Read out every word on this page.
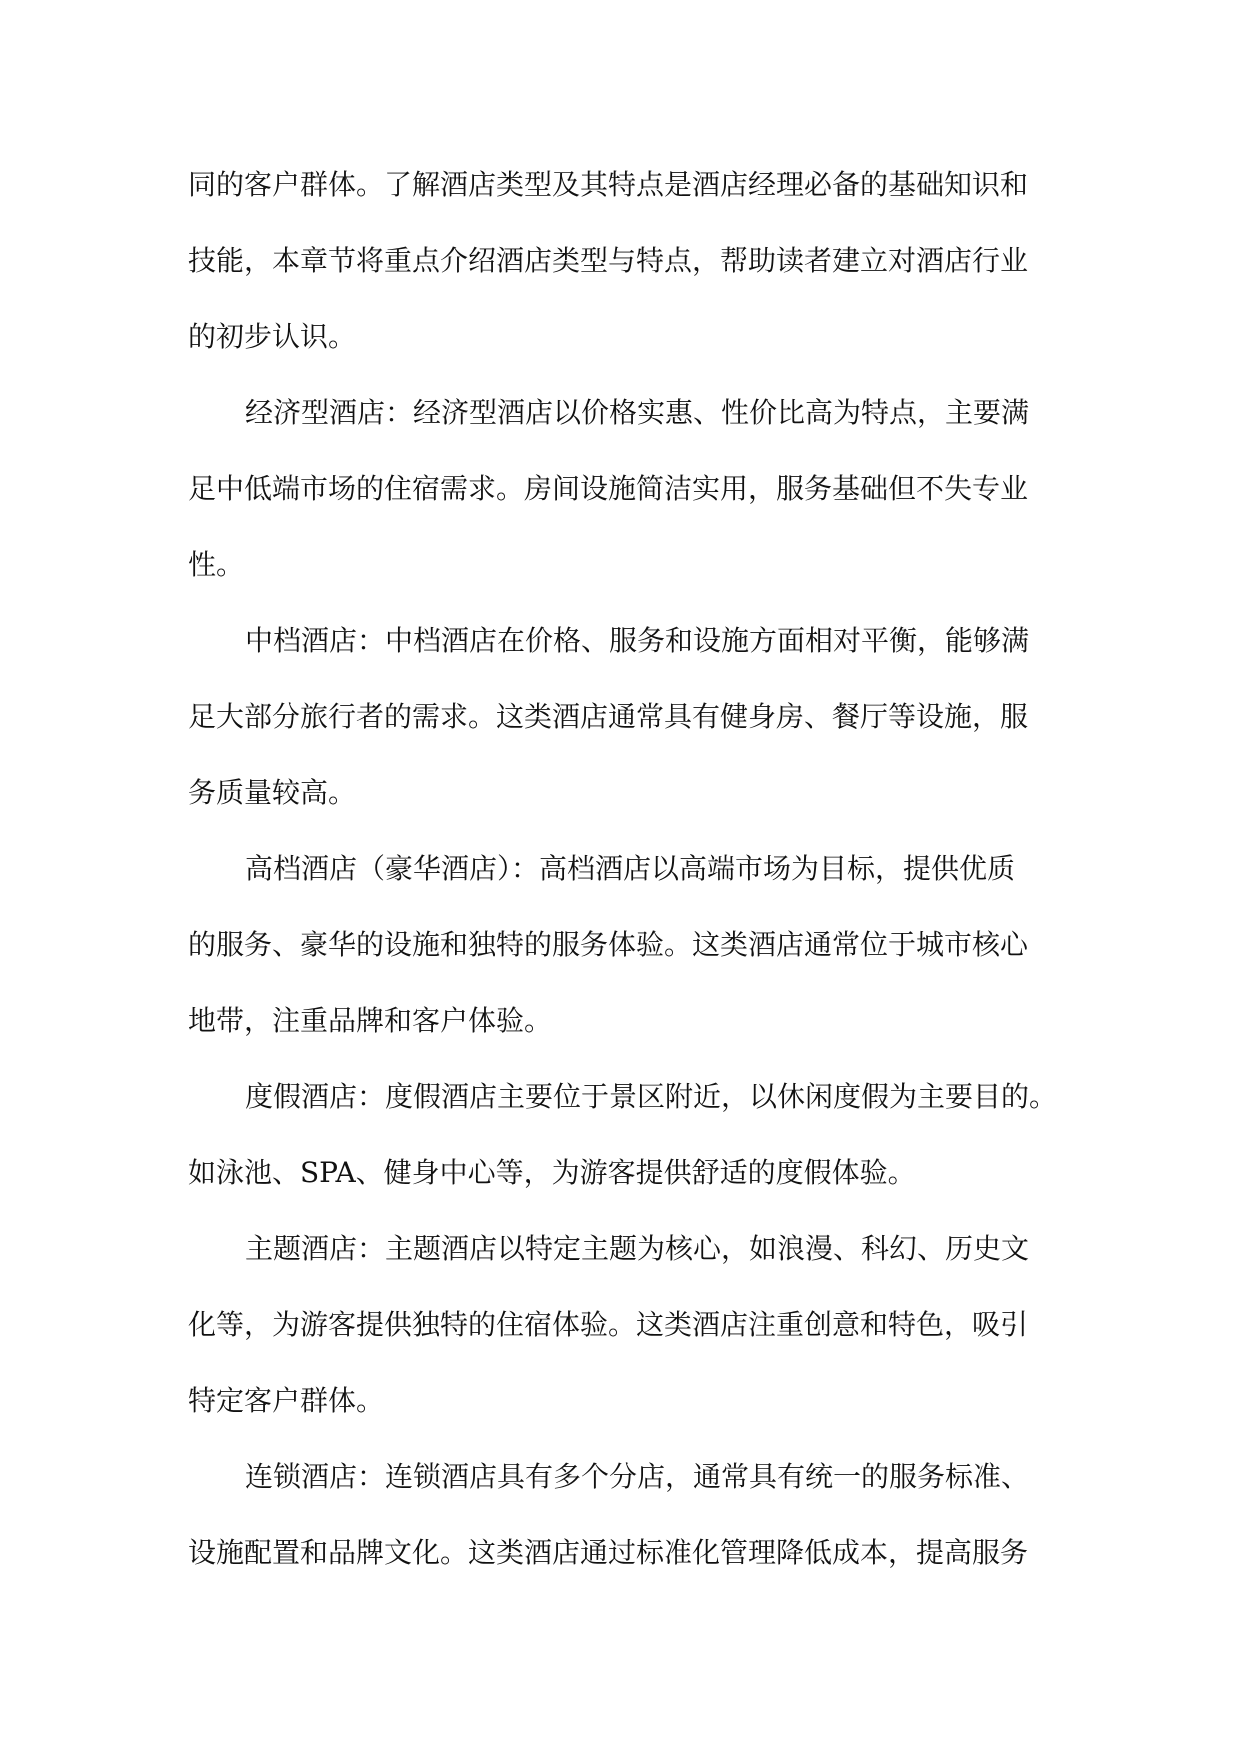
同的客户群体。了解酒店类型及其特点是酒店经理必备的基础知识和
技能，本章节将重点介绍酒店类型与特点，帮助读者建立对酒店行业
的初步认识。
经济型酒店：经济型酒店以价格实惠、性价比高为特点，主要满
足中低端市场的住宿需求。房间设施简洁实用，服务基础但不失专业
性。
中档酒店：中档酒店在价格、服务和设施方面相对平衡，能够满
足大部分旅行者的需求。这类酒店通常具有健身房、餐厅等设施，服
务质量较高。
高档酒店（豪华酒店）：高档酒店以高端市场为目标，提供优质
的服务、豪华的设施和独特的服务体验。这类酒店通常位于城市核心
地带，注重品牌和客户体验。
度假酒店：度假酒店主要位于景区附近，以休闲度假为主要目的。
如泳池、SPA、健身中心等，为游客提供舒适的度假体验。
主题酒店：主题酒店以特定主题为核心，如浪漫、科幻、历史文
化等，为游客提供独特的住宿体验。这类酒店注重创意和特色，吸引
特定客户群体。
连锁酒店：连锁酒店具有多个分店，通常具有统一的服务标准、
设施配置和品牌文化。这类酒店通过标准化管理降低成本，提高服务
